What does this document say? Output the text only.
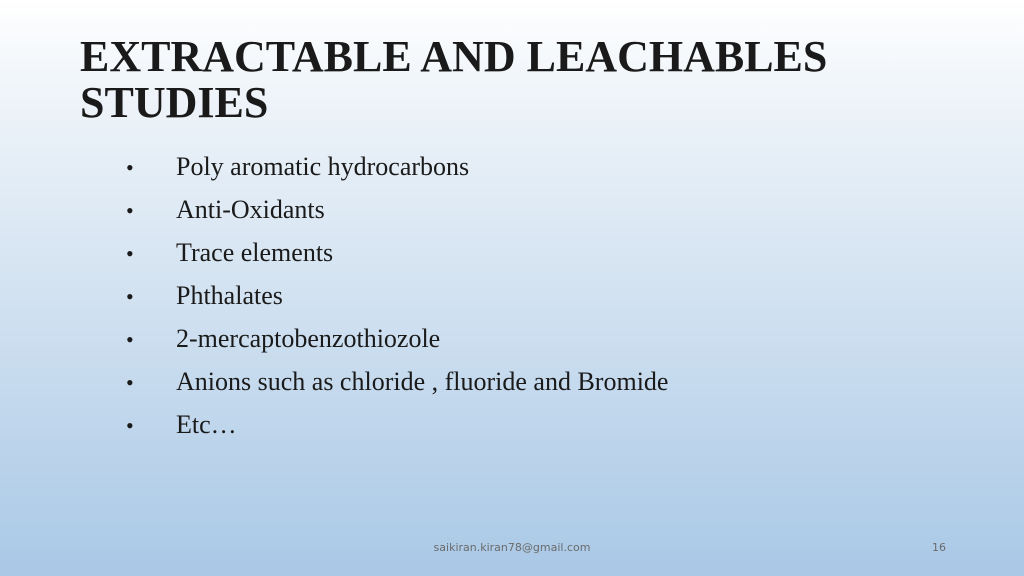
EXTRACTABLE AND LEACHABLES STUDIES
•	Poly aromatic hydrocarbons
•	Anti-Oxidants
•	Trace elements
•	Phthalates
•	2-mercaptobenzothiozole
•	Anions such as chloride , fluoride and Bromide
•	Etc…
saikiran.kiran78@gmail.com	16
